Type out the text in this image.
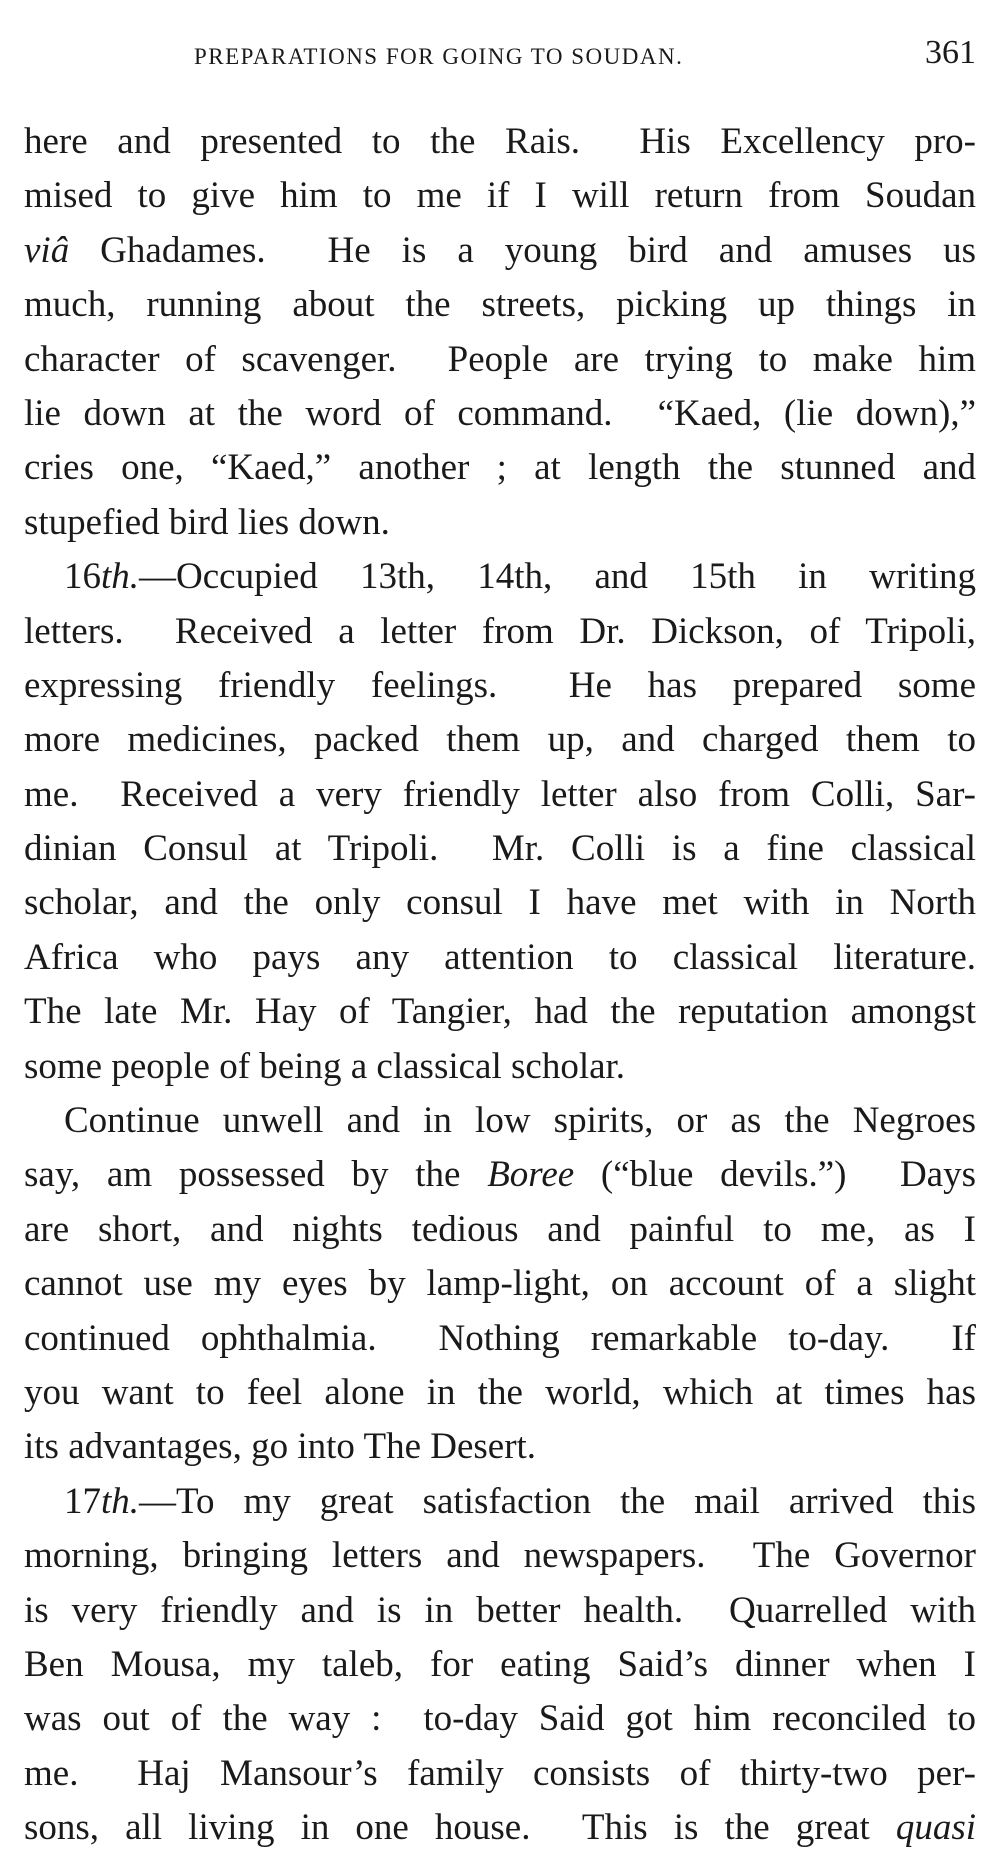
PREPARATIONS FOR GOING TO SOUDAN.	361
here and presented to the Rais.  His Excellency pro-
mised to give him to me if I will return from Soudan
viâ Ghadames.  He is a young bird and amuses us
much, running about the streets, picking up things in
character of scavenger.  People are trying to make him
lie down at the word of command.  “Kaed, (lie down),”
cries one, “Kaed,” another ; at length the stunned and
stupefied bird lies down.
16th.—Occupied 13th, 14th, and 15th in writing
letters.  Received a letter from Dr. Dickson, of Tripoli,
expressing friendly feelings.  He has prepared some
more medicines, packed them up, and charged them to
me.  Received a very friendly letter also from Colli, Sar-
dinian Consul at Tripoli.  Mr. Colli is a fine classical
scholar, and the only consul I have met with in North
Africa who pays any attention to classical literature.
The late Mr. Hay of Tangier, had the reputation amongst
some people of being a classical scholar.
Continue unwell and in low spirits, or as the Negroes
say, am possessed by the Boree (“blue devils.”)  Days
are short, and nights tedious and painful to me, as I
cannot use my eyes by lamp-light, on account of a slight
continued ophthalmia.  Nothing remarkable to-day.  If
you want to feel alone in the world, which at times has
its advantages, go into The Desert.
17th.—To my great satisfaction the mail arrived this
morning, bringing letters and newspapers.  The Governor
is very friendly and is in better health.  Quarrelled with
Ben Mousa, my taleb, for eating Said’s dinner when I
was out of the way :  to-day Said got him reconciled to
me.  Haj Mansour’s family consists of thirty-two per-
sons, all living in one house.  This is the great quasi
